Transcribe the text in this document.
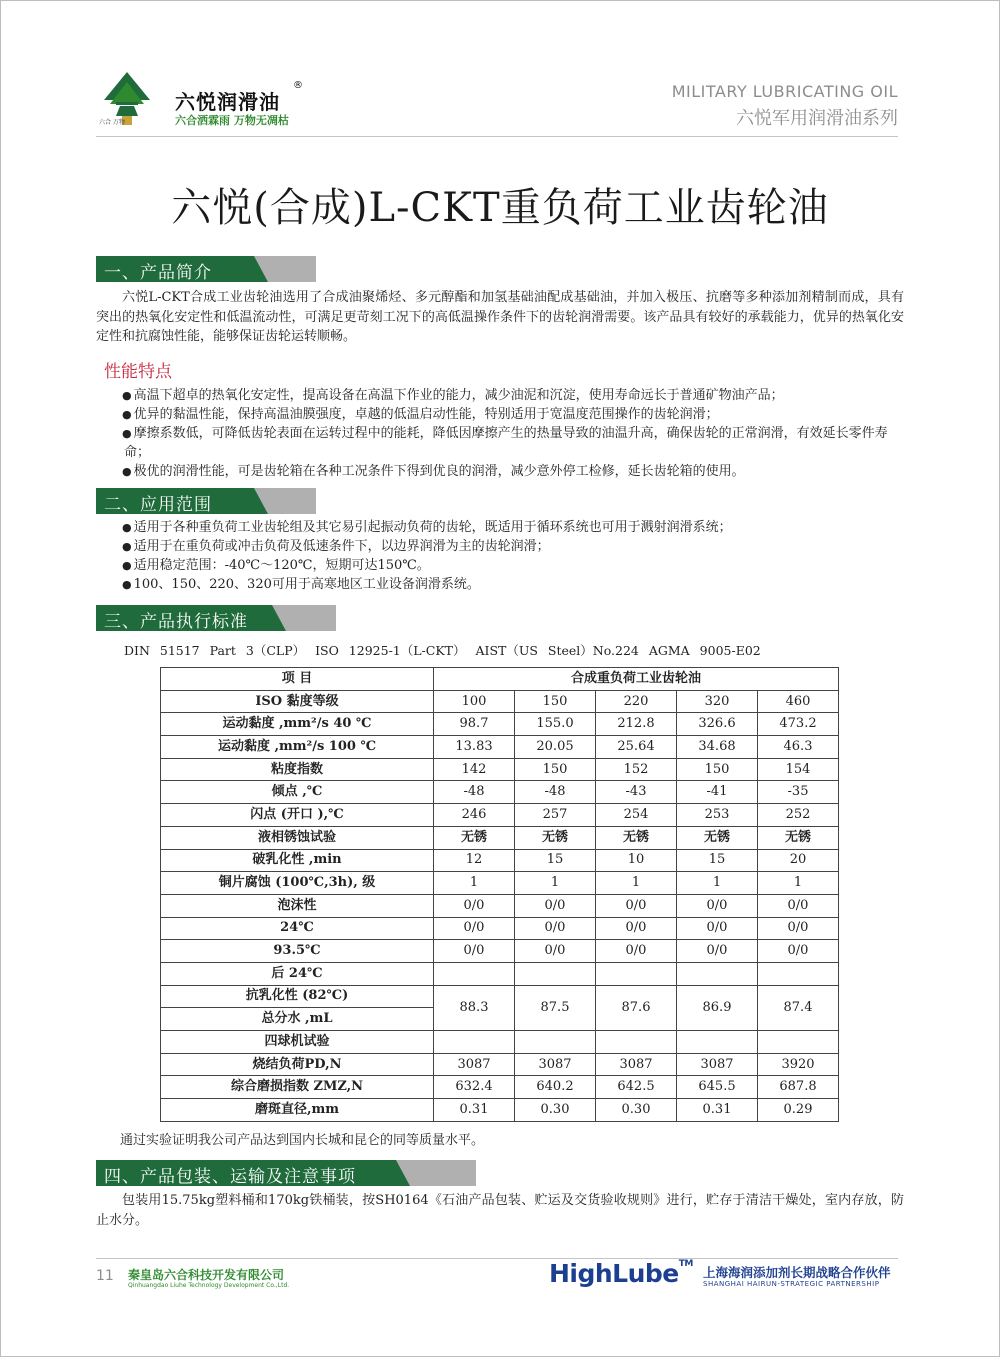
六合 万物
六悦润滑油
®
六合洒霖雨 万物无凋枯
MILITARY LUBRICATING OIL
六悦军用润滑油系列
六悦(合成)L-CKT重负荷工业齿轮油
一、产品简介

六悦L-CKT合成工业齿轮油选用了合成油聚烯烃、多元醇酯和加氢基础油配成基础油，并加入极压、抗磨等多种添加剂精制而成，具有突出的热氧化安定性和低温流动性，可满足更苛刻工况下的高低温操作条件下的齿轮润滑需要。该产品具有较好的承载能力，优异的热氧化安定性和抗腐蚀性能，能够保证齿轮运转顺畅。

性能特点
● 高温下超卓的热氧化安定性，提高设备在高温下作业的能力，减少油泥和沉淀，使用寿命远长于普通矿物油产品；
● 优异的黏温性能，保持高温油膜强度，卓越的低温启动性能，特别适用于宽温度范围操作的齿轮润滑；
● 摩擦系数低，可降低齿轮表面在运转过程中的能耗，降低因摩擦产生的热量导致的油温升高，确保齿轮的正常润滑，有效延长零件寿命；
● 极优的润滑性能，可是齿轮箱在各种工况条件下得到优良的润滑，减少意外停工检修，延长齿轮箱的使用。
二、应用范围
● 适用于各种重负荷工业齿轮组及其它易引起振动负荷的齿轮，既适用于循环系统也可用于溅射润滑系统；
● 适用于在重负荷或冲击负荷及低速条件下，以边界润滑为主的齿轮润滑；
● 适用稳定范围：-40℃～120℃，短期可达150℃。
● 100、150、220、320可用于高寒地区工业设备润滑系统。
三、产品执行标准
DIN 51517 Part 3（CLP） ISO 12925-1（L-CKT） AIST（US Steel）No.224 AGMA 9005-E02
项 目	合成重负荷工业齿轮油				
ISO 黏度等级	100	150	220	320	460
运动黏度 ,mm²/s 40 ℃	98.7	155.0	212.8	326.6	473.2
运动黏度 ,mm²/s 100 ℃	13.83	20.05	25.64	34.68	46.3
粘度指数	142	150	152	150	154
倾点 ,℃	-48	-48	-43	-41	-35
闪点 (开口 ),℃	246	257	254	253	252
液相锈蚀试验	无锈	无锈	无锈	无锈	无锈
破乳化性 ,min	12	15	10	15	20
铜片腐蚀 (100℃,3h), 级	1	1	1	1	1
泡沫性	0/0	0/0	0/0	0/0	0/0
24℃	0/0	0/0	0/0	0/0	0/0
93.5℃	0/0	0/0	0/0	0/0	0/0
后 24℃					
抗乳化性 (82℃)	88.3	87.5	87.6	86.9	87.4
总分水 ,mL					
四球机试验					
烧结负荷PD,N	3087	3087	3087	3087	3920
综合磨损指数 ZMZ,N	632.4	640.2	642.5	645.5	687.8
磨斑直径,mm	0.31	0.30	0.30	0.31	0.29
通过实验证明我公司产品达到国内长城和昆仑的同等质量水平。
四、产品包装、运输及注意事项

包装用15.75kg塑料桶和170kg铁桶装，按SH0164《石油产品包装、贮运及交货验收规则》进行，贮存于清洁干燥处，室内存放，防止水分。

11 秦皇岛六合科技开发有限公司
Qinhuangdao Liuhe Technology Development Co.,Ltd.	HighLube™
上海海润添加剂长期战略合作伙伴
SHANGHAI HAIRUN-STRATEGIC PARTNERSHIP
